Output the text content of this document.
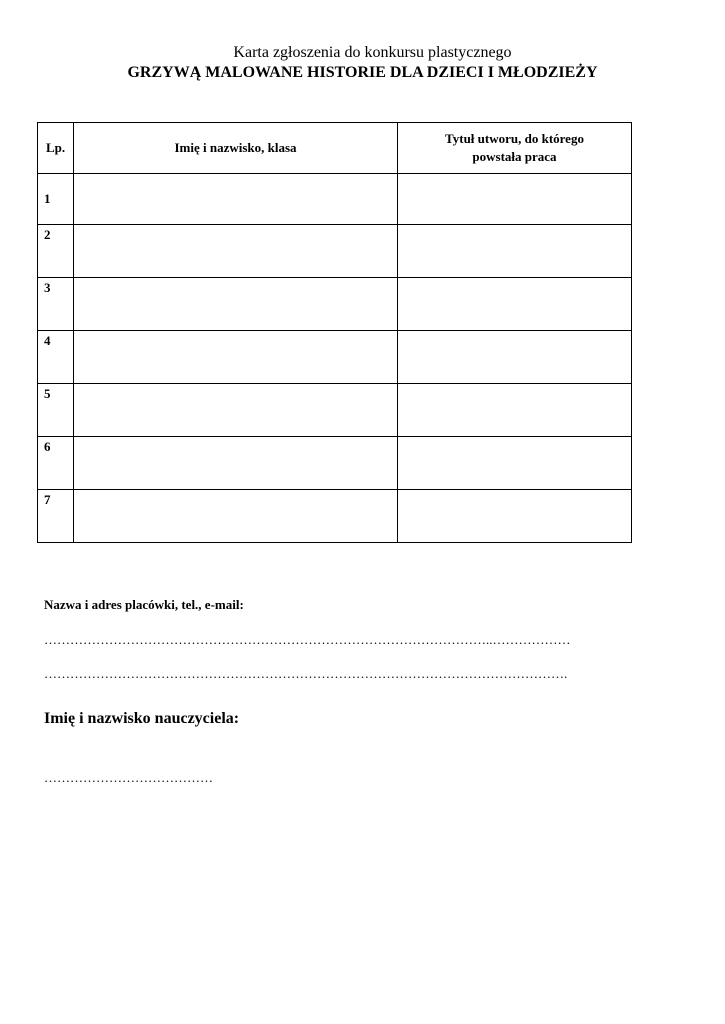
Karta zgłoszenia do konkursu plastycznego
GRZYWĄ MALOWANE HISTORIE DLA DZIECI I MŁODZIEŻY
Lp.	Imię i nazwisko, klasa	Tytuł utworu, do którego
powstała praca
1		
2		
3		
4		
5		
6		
7		
Nazwa i adres placówki, tel., e-mail:
…………………………………………………………………………………………..………………
………………………………………………………………………………………………………….
Imię i nazwisko nauczyciela:
…………………………………
